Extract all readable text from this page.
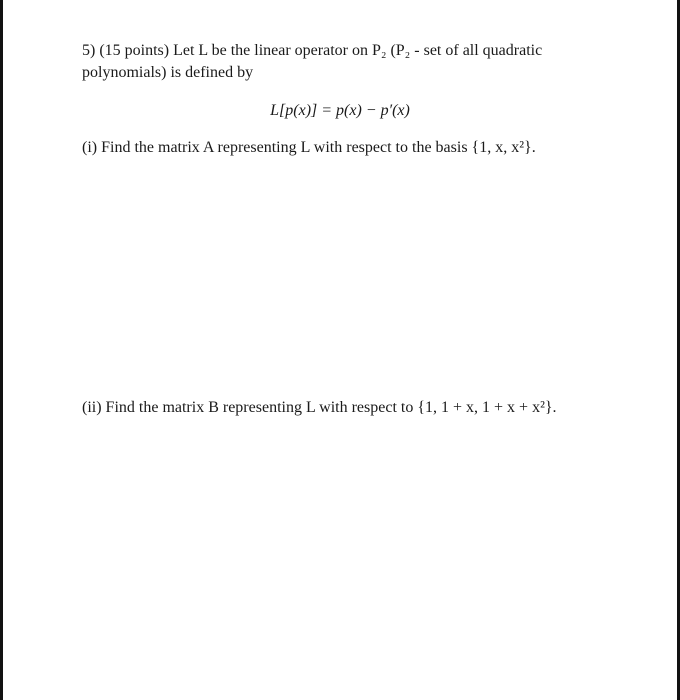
5) (15 points) Let L be the linear operator on P₂ (P₂ - set of all quadratic
polynomials) is defined by
L[p(x)] = p(x) − p′(x)
(i) Find the matrix A representing L with respect to the basis {1, x, x²}.
(ii) Find the matrix B representing L with respect to {1, 1 + x, 1 + x + x²}.
